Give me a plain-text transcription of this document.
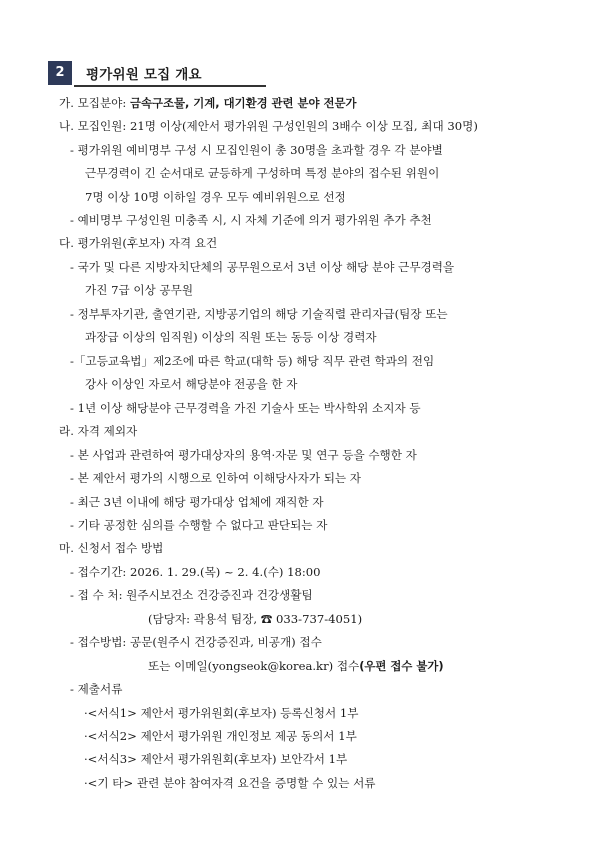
2	평가위원 모집 개요
가. 모집분야: 금속구조물, 기계, 대기환경 관련 분야 전문가
나. 모집인원: 21명 이상(제안서 평가위원 구성인원의 3배수 이상 모집, 최대 30명)
- 평가위원 예비명부 구성 시 모집인원이 총 30명을 초과할 경우 각 분야별
근무경력이 긴 순서대로 균등하게 구성하며 특정 분야의 접수된 위원이
7명 이상 10명 이하일 경우 모두 예비위원으로 선정
- 예비명부 구성인원 미충족 시, 시 자체 기준에 의거 평가위원 추가 추천
다. 평가위원(후보자) 자격 요건
- 국가 및 다른 지방자치단체의 공무원으로서 3년 이상 해당 분야 근무경력을
가진 7급 이상 공무원
- 정부투자기관, 출연기관, 지방공기업의 해당 기술직렬 관리자급(팀장 또는
과장급 이상의 임직원) 이상의 직원 또는 동등 이상 경력자
-「고등교육법」제2조에 따른 학교(대학 등) 해당 직무 관련 학과의 전임
강사 이상인 자로서 해당분야 전공을 한 자
- 1년 이상 해당분야 근무경력을 가진 기술사 또는 박사학위 소지자 등
라. 자격 제외자
- 본 사업과 관련하여 평가대상자의 용역·자문 및 연구 등을 수행한 자
- 본 제안서 평가의 시행으로 인하여 이해당사자가 되는 자
- 최근 3년 이내에 해당 평가대상 업체에 재직한 자
- 기타 공정한 심의를 수행할 수 없다고 판단되는 자
마. 신청서 접수 방법
- 접수기간: 2026. 1. 29.(목) ~ 2. 4.(수) 18:00
- 접 수 처: 원주시보건소 건강증진과 건강생활팀
(담당자: 곽용석 팀장, ☎ 033-737-4051)
- 접수방법: 공문(원주시 건강증진과, 비공개) 접수
또는 이메일(yongseok@korea.kr) 접수(우편 접수 불가)
- 제출서류
·<서식1> 제안서 평가위원회(후보자) 등록신청서 1부
·<서식2> 제안서 평가위원 개인정보 제공 동의서 1부
·<서식3> 제안서 평가위원회(후보자) 보안각서 1부
·<기 타> 관련 분야 참여자격 요건을 증명할 수 있는 서류
